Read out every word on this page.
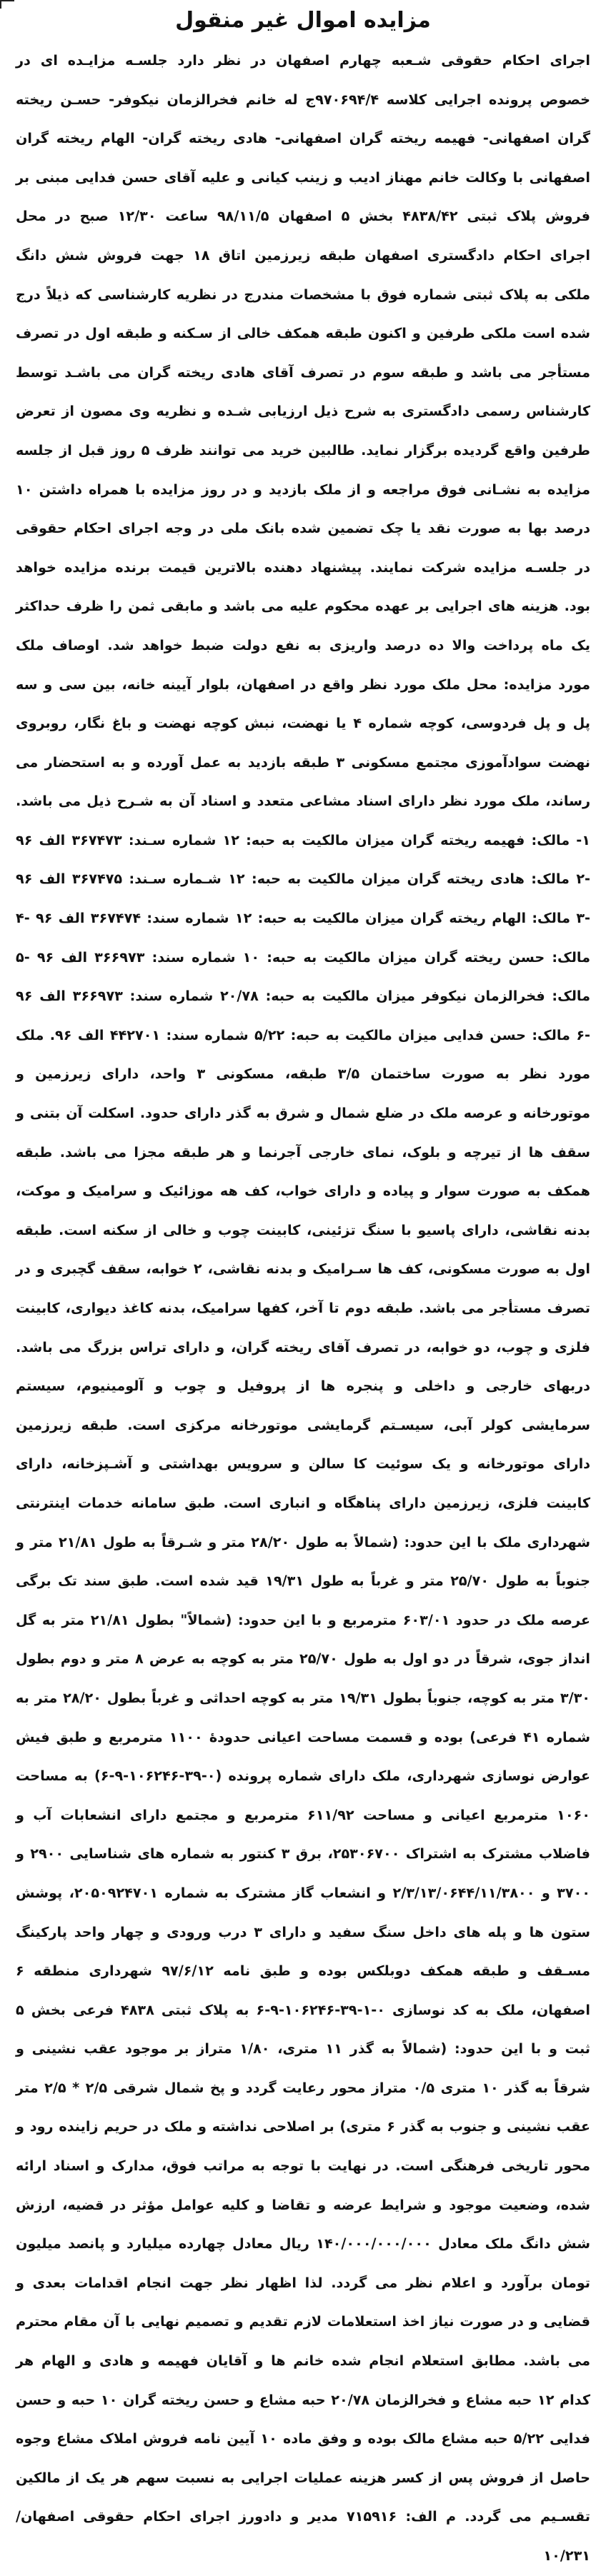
مزایده اموال غیر منقول

اجرای احکام حقوقی شـعبه چهارم اصفهان در نظر دارد جلسـه مزایـده ای در خصوص پرونده اجرایی کلاسه ۹۷۰۶۹۴/۴ج له خانم فخرالزمان نیکوفر- حسـن ریخته گران اصفهانی- فهیمه ریخته گران اصفهانی- هادی ریخته گران- الهام ریخته گران اصفهانی با وکالت خانم مهناز ادیب و زینب کیانی و علیه آقای حسن فدایی مبنی بر فروش پلاک ثبتی ۴۸۳۸/۴۲ بخش ۵ اصفهان ۹۸/۱۱/۵ ساعت ۱۲/۳۰ صبح در محل اجرای احکام دادگستری اصفهان طبقه زیرزمین اتاق ۱۸ جهت فروش شش دانگ ملکی به پلاک ثبتی شماره فوق با مشخصات مندرج در نظریه کارشناسی که ذیلاً درج شده است ملکی طرفین و اکنون طبقه همکف خالی از سـکنه و طبقه اول در تصرف مستأجر می باشد و طبقه سوم در تصرف آقای هادی ریخته گران می باشـد توسط کارشناس رسمی دادگستری به شرح ذیل ارزیابی شـده و نظریه وی مصون از تعرض طرفین واقع گردیده برگزار نماید. طالبین خرید می توانند ظرف ۵ روز قبل از جلسه مزایده به نشـانی فوق مراجعه و از ملک بازدید و در روز مزایده با همراه داشتن ۱۰ درصد بها به صورت نقد یا چک تضمین شده بانک ملی در وجه اجرای احکام حقوقی در جلسـه مزایده شرکت نمایند. پیشنهاد دهنده بالاترین قیمت برنده مزایده خواهد بود. هزینه های اجرایی بر عهده محکوم علیه می باشد و مابقی ثمن را ظرف حداکثر یک ماه پرداخت والا ده درصد واریزی به نفع دولت ضبط خواهد شد. اوصاف ملک مورد مزایده: محل ملک مورد نظر واقع در اصفهان، بلوار آیینه خانه، بین سی و سه پل و پل فردوسی، کوچه شماره ۴ یا نهضت، نبش کوچه نهضت و باغ نگار، روبروی نهضت سوادآموزی مجتمع مسکونی ۳ طبقه بازدید به عمل آورده و به استحضار می رساند، ملک مورد نظر دارای اسناد مشاعی متعدد و اسناد آن به شـرح ذیل می باشد. ۱- مالک: فهیمه ریخته گران میزان مالکیت به حبه: ۱۲ شماره سـند: ۳۶۷۴۷۳ الف ۹۶ -۲ مالک: هادی ریخته گران میزان مالکیت به حبه: ۱۲ شـماره سـند: ۳۶۷۴۷۵ الف ۹۶ -۳ مالک: الهام ریخته گران میزان مالکیت به حبه: ۱۲ شماره سند: ۳۶۷۴۷۴ الف ۹۶ -۴ مالک: حسن ریخته گران میزان مالکیت به حبه: ۱۰ شماره سند: ۳۶۶۹۷۳ الف ۹۶ -۵ مالک: فخرالزمان نیکوفر میزان مالکیت به حبه: ۲۰/۷۸ شماره سند: ۳۶۶۹۷۳ الف ۹۶ -۶ مالک: حسن فدایی میزان مالکیت به حبه: ۵/۲۲ شماره سند: ۴۴۲۷۰۱ الف ۹۶. ملک مورد نظر به صورت ساختمان ۳/۵ طبقه، مسکونی ۳ واحد، دارای زیرزمین و موتورخانه و عرصه ملک در ضلع شمال و شرق به گذر دارای حدود. اسکلت آن بتنی و سقف ها از تیرچه و بلوک، نمای خارجی آجرنما و هر طبقه مجزا می باشد. طبقه همکف به صورت سوار و پیاده و دارای خواب، کف هه موزائیک و سرامیک و موکت، بدنه نقاشی، دارای پاسیو با سنگ تزئینی، کابینت چوب و خالی از سکنه است. طبقه اول به صورت مسکونی، کف ها سـرامیک و بدنه نقاشی، ۲ خوابه، سقف گچبری و در تصرف مستأجر می باشد. طبقه دوم تا آخر، کفها سرامیک، بدنه کاغذ دیواری، کابینت فلزی و چوب، دو خوابه، در تصرف آقای ریخته گران، و دارای تراس بزرگ می باشد. دربهای خارجی و داخلی و پنجره ها از پروفیل و چوب و آلومینیوم، سیستم سرمایشی کولر آبی، سیسـتم گرمایشی موتورخانه مرکزی است. طبقه زیرزمین دارای موتورخانه و یک سوئیت کا سالن و سرویس بهداشتی و آشـپزخانه، دارای کابینت فلزی، زیرزمین دارای پناهگاه و انباری است. طبق سامانه خدمات اینترنتی شهرداری ملک با این حدود: (شمالاً به طول ۲۸/۲۰ متر و شـرقاً به طول ۲۱/۸۱ متر و جنوباً به طول ۲۵/۷۰ متر و غرباً به طول ۱۹/۳۱ قید شده است. طبق سند تک برگی عرصه ملک در حدود ۶۰۳/۰۱ مترمربع و با این حدود: (شمالاً" بطول ۲۱/۸۱ متر به گل انداز جوی، شرقاً در دو اول به طول ۲۵/۷۰ متر به کوچه به عرض ۸ متر و دوم بطول ۳/۳۰ متر به کوچه، جنوباً بطول ۱۹/۳۱ متر به کوچه احداثی و غرباً بطول ۲۸/۲۰ متر به شماره ۴۱ فرعی) بوده و قسمت مساحت اعیانی حدودهٔ ۱۱۰۰ مترمربع و طبق فیش عوارض نوسازی شهرداری، ملک دارای شماره پرونده (۰-۳۹-۱۰۶۲۴۶-۹-۶) به مساحت ۱۰۶۰ مترمربع اعیانی و مساحت ۶۱۱/۹۲ مترمربع و مجتمع دارای انشعابات آب و فاضلاب مشترک به اشتراک ۲۵۳۰۶۷۰۰، برق ۳ کنتور به شماره های شناسایی ۲۹۰۰ و ۳۷۰۰ و ۲/۳/۱۳/۰۶۴۴/۱۱/۳۸۰۰ و انشعاب گاز مشترک به شماره ۲۰۵۰۹۲۴۷۰۱، پوشش ستون ها و پله های داخل سنگ سفید و دارای ۳ درب ورودی و چهار واحد پارکینگ مسـقف و طبقه همکف دوبلکس بوده و طبق نامه ۹۷/۶/۱۲ شهرداری منطقه ۶ اصفهان، ملک به کد نوسازی ۰-۱-۳۹-۱۰۶۲۴۶-۹-۶ به پلاک ثبتی ۴۸۳۸ فرعی بخش ۵ ثبت و با این حدود: (شمالاً به گذر ۱۱ متری، ۱/۸۰ متراز بر موجود عقب نشینی و شرقاً به گذر ۱۰ متری ۰/۵ متراز محور رعایت گردد و پخ شمال شرقی ۲/۵ * ۲/۵ متر عقب نشینی و جنوب به گذر ۶ متری) بر اصلاحی نداشته و ملک در حریم زاینده رود و محور تاریخی فرهنگی است. در نهایت با توجه به مراتب فوق، مدارک و اسناد ارائه شده، وضعیت موجود و شرایط عرضه و تقاضا و کلیه عوامل مؤثر در قضیه، ارزش شش دانگ ملک معادل ۱۴۰/۰۰۰/۰۰۰/۰۰۰ ریال معادل چهارده میلیارد و پانصد میلیون تومان برآورد و اعلام نظر می گردد. لذا اظهار نظر جهت انجام اقدامات بعدی و قضایی و در صورت نیاز اخذ استعلامات لازم تقدیم و تصمیم نهایی با آن مقام محترم می باشد. مطابق استعلام انجام شده خانم ها و آقایان فهیمه و هادی و الهام هر کدام ۱۲ حبه مشاع و فخرالزمان ۲۰/۷۸ حبه مشاع و حسن ریخته گران ۱۰ حبه و حسن فدایی ۵/۲۲ حبه مشاع مالک بوده و وفق ماده ۱۰ آیین نامه فروش املاک مشاع وجوه حاصل از فروش پس از کسر هزینه عملیات اجرایی به نسبت سهم هر یک از مالکین تقسـیم می گردد. م الف: ۷۱۵۹۱۶ مدیر و دادورز اجرای احکام حقوقی اصفهان/۱۰/۲۳۱
